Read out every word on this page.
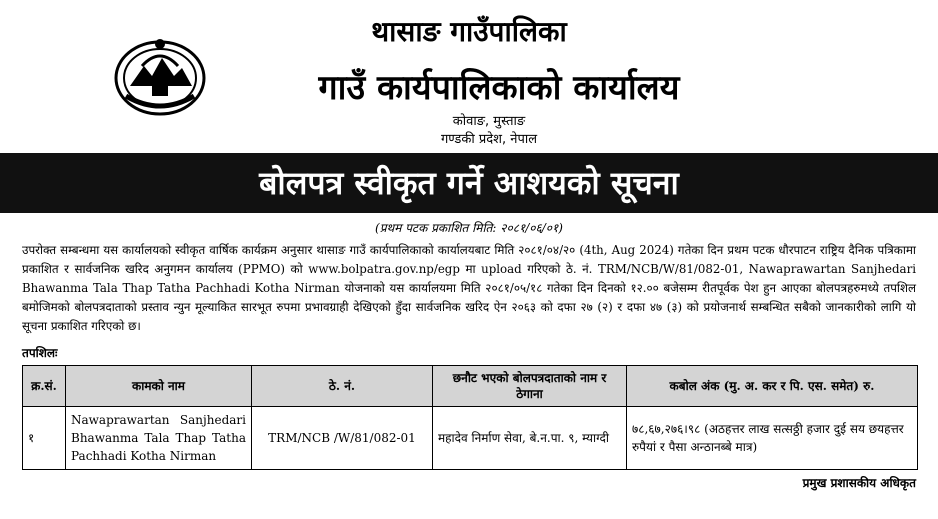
थासाङ गाउँपालिका
गाउँ कार्यपालिकाको कार्यालय
कोवाङ, मुस्ताङ
गण्डकी प्रदेश, नेपाल
बोलपत्र स्वीकृत गर्ने आशयको सूचना
(प्रथम पटक प्रकाशित मिति: २०८१/०६/०१)
उपरोक्त सम्बन्धमा यस कार्यालयको स्वीकृत वार्षिक कार्यक्रम अनुसार थासाङ गाउँ कार्यपालिकाको कार्यालयबाट मिति २०८१/०४/२० (4th, Aug 2024) गतेका दिन प्रथम पटक धौरपाटन राष्ट्रिय दैनिक पत्रिकामा प्रकाशित र सार्वजनिक खरिद अनुगमन कार्यालय (PPMO) को www.bolpatra.gov.np/egp मा upload गरिएको ठे. नं. TRM/NCB/W/81/082-01, Nawaprawartan Sanjhedari Bhawanma Tala Thap Tatha Pachhadi Kotha Nirman योजनाको यस कार्यालयमा मिति २०८१/०५/१८ गतेका दिन दिनको १२.०० बजेसम्म रीतपूर्वक पेश हुन आएका बोलपत्रहरुमध्ये तपशिल बमोजिमको बोलपत्रदाताको प्रस्ताव न्युन मूल्याकित सारभूत रुपमा प्रभावग्राही देखिएको हुँदा सार्वजनिक खरिद ऐन २०६३ को दफा २७ (२) र दफा ४७ (३) को प्रयोजनार्थ सम्बन्धित सबैको जानकारीको लागि यो सूचना प्रकाशित गरिएको छ।
तपशिलः
क्र.सं.	कामको नाम	ठे. नं.	छनौट भएको बोलपत्रदाताको नाम र ठेगाना	कबोल अंक (मु. अ. कर र पि. एस. समेत) रु.
१	Nawaprawartan Sanjhedari Bhawanma Tala Thap Tatha Pachhadi Kotha Nirman	TRM/NCB /W/81/082-01	महादेव निर्माण सेवा, बे.न.पा. ९, म्याग्दी	७८,६७,२७६।९८ (अठहत्तर लाख सत्सठ्ठी हजार दुई सय छयहत्तर रुपैयां र पैसा अन्ठानब्बे मात्र)
प्रमुख प्रशासकीय अधिकृत
